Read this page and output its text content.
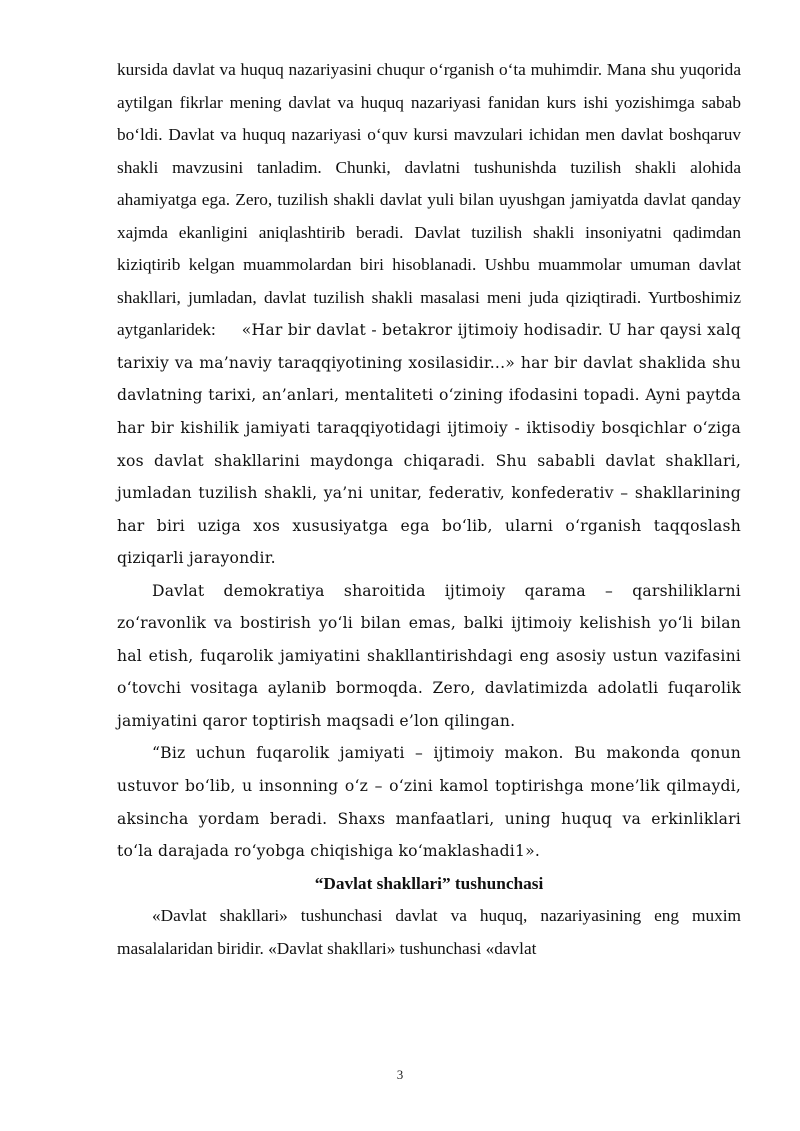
kursida davlat va huquq nazariyasini chuqur o‘rganish o‘ta muhimdir. Mana shu yuqorida aytilgan fikrlar mening davlat va huquq nazariyasi fanidan kurs ishi yozishimga sabab bo‘ldi. Davlat va huquq nazariyasi o‘quv kursi mavzulari ichidan men davlat boshqaruv shakli mavzusini tanladim. Chunki, davlatni tushunishda tuzilish shakli alohida ahamiyatga ega. Zero, tuzilish shakli davlat yuli bilan uyushgan jamiyatda davlat qanday xajmda ekanligini aniqlashtirib beradi. Davlat tuzilish shakli insoniyatni qadimdan kiziqtirib kelgan muammolardan biri hisoblanadi. Ushbu muammolar umuman davlat shakllari, jumladan, davlat tuzilish shakli masalasi meni juda qiziqtiradi. Yurtboshimiz aytganlaridek:  «Har bir davlat - betakror ijtimoiy hodisadir. U har qaysi xalq tarixiy va ma’naviy taraqqiyotining xosilasidir...» har bir davlat shaklida shu davlatning tarixi, an’anlari, mentaliteti o‘zining ifodasini topadi. Ayni paytda har bir kishilik jamiyati taraqqiyotidagi ijtimoiy - iktisodiy bosqichlar o‘ziga xos davlat shakllarini maydonga chiqaradi. Shu sababli davlat shakllari, jumladan tuzilish shakli, ya’ni unitar, federativ, konfederativ – shakllarining har biri uziga xos xususiyatga ega bo‘lib, ularni o‘rganish taqqoslash qiziqarli jarayondir.

Davlat demokratiya sharoitida ijtimoiy qarama – qarshiliklarni zo‘ravonlik va bostirish yo‘li bilan emas, balki ijtimoiy kelishish yo‘li bilan hal etish, fuqarolik jamiyatini shakllantirishdagi eng asosiy ustun vazifasini o‘tovchi vositaga aylanib bormoqda. Zero, davlatimizda adolatli fuqarolik jamiyatini qaror toptirish maqsadi e’lon qilingan.

“Biz uchun fuqarolik jamiyati – ijtimoiy makon. Bu makonda qonun ustuvor bo‘lib, u insonning o‘z – o‘zini kamol toptirishga mone’lik qilmaydi, aksincha yordam beradi. Shaxs manfaatlari, uning huquq va erkinliklari to‘la darajada ro‘yobga chiqishiga ko‘maklashadi1».

“Davlat shakllari” tushunchasi

«Davlat shakllari» tushunchasi davlat va huquq, nazariyasining eng muxim masalalaridan biridir. «Davlat shakllari» tushunchasi «davlat

3
